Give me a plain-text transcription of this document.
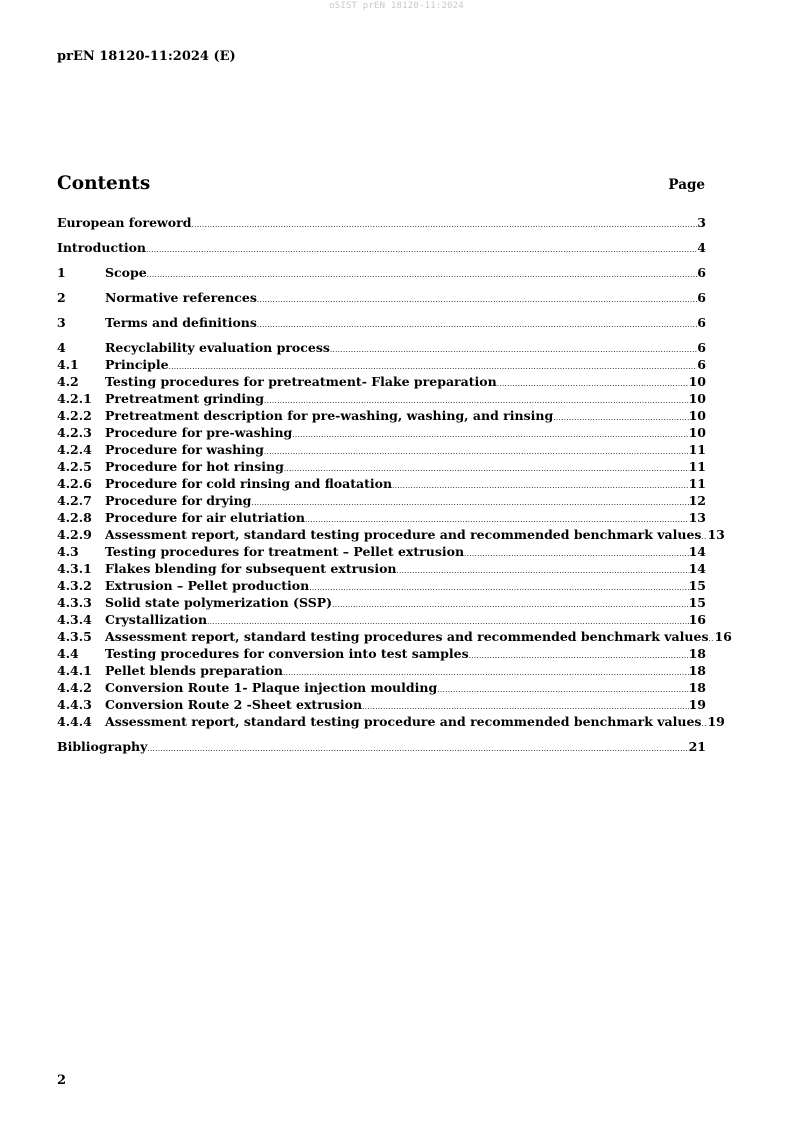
oSIST prEN 18120-11:2024
prEN 18120-11:2024 (E)
Contents	Page
European foreword .....	3
Introduction .....	4
1	Scope .....	6
2	Normative references .....	6
3	Terms and definitions .....	6
4	Recyclability evaluation process .....	6
4.1	Principle .....	6
4.2	Testing procedures for pretreatment- Flake preparation .....	10
4.2.1	Pretreatment grinding .....	10
4.2.2	Pretreatment description for pre-washing, washing, and rinsing .....	10
4.2.3	Procedure for pre-washing .....	10
4.2.4	Procedure for washing .....	11
4.2.5	Procedure for hot rinsing .....	11
4.2.6	Procedure for cold rinsing and floatation .....	11
4.2.7	Procedure for drying .....	12
4.2.8	Procedure for air elutriation .....	13
4.2.9	Assessment report, standard testing procedure and recommended benchmark values ..... 13
4.3	Testing procedures for treatment – Pellet extrusion .....	14
4.3.1	Flakes blending for subsequent extrusion .....	14
4.3.2	Extrusion – Pellet production .....	15
4.3.3	Solid state polymerization (SSP) .....	15
4.3.4	Crystallization .....	16
4.3.5	Assessment report, standard testing procedures and recommended benchmark values ..... 16
4.4	Testing procedures for conversion into test samples .....	18
4.4.1	Pellet blends preparation .....	18
4.4.2	Conversion Route 1- Plaque injection moulding .....	18
4.4.3	Conversion Route 2 -Sheet extrusion .....	19
4.4.4	Assessment report, standard testing procedure and recommended benchmark values ..... 19
Bibliography .....	21
2
